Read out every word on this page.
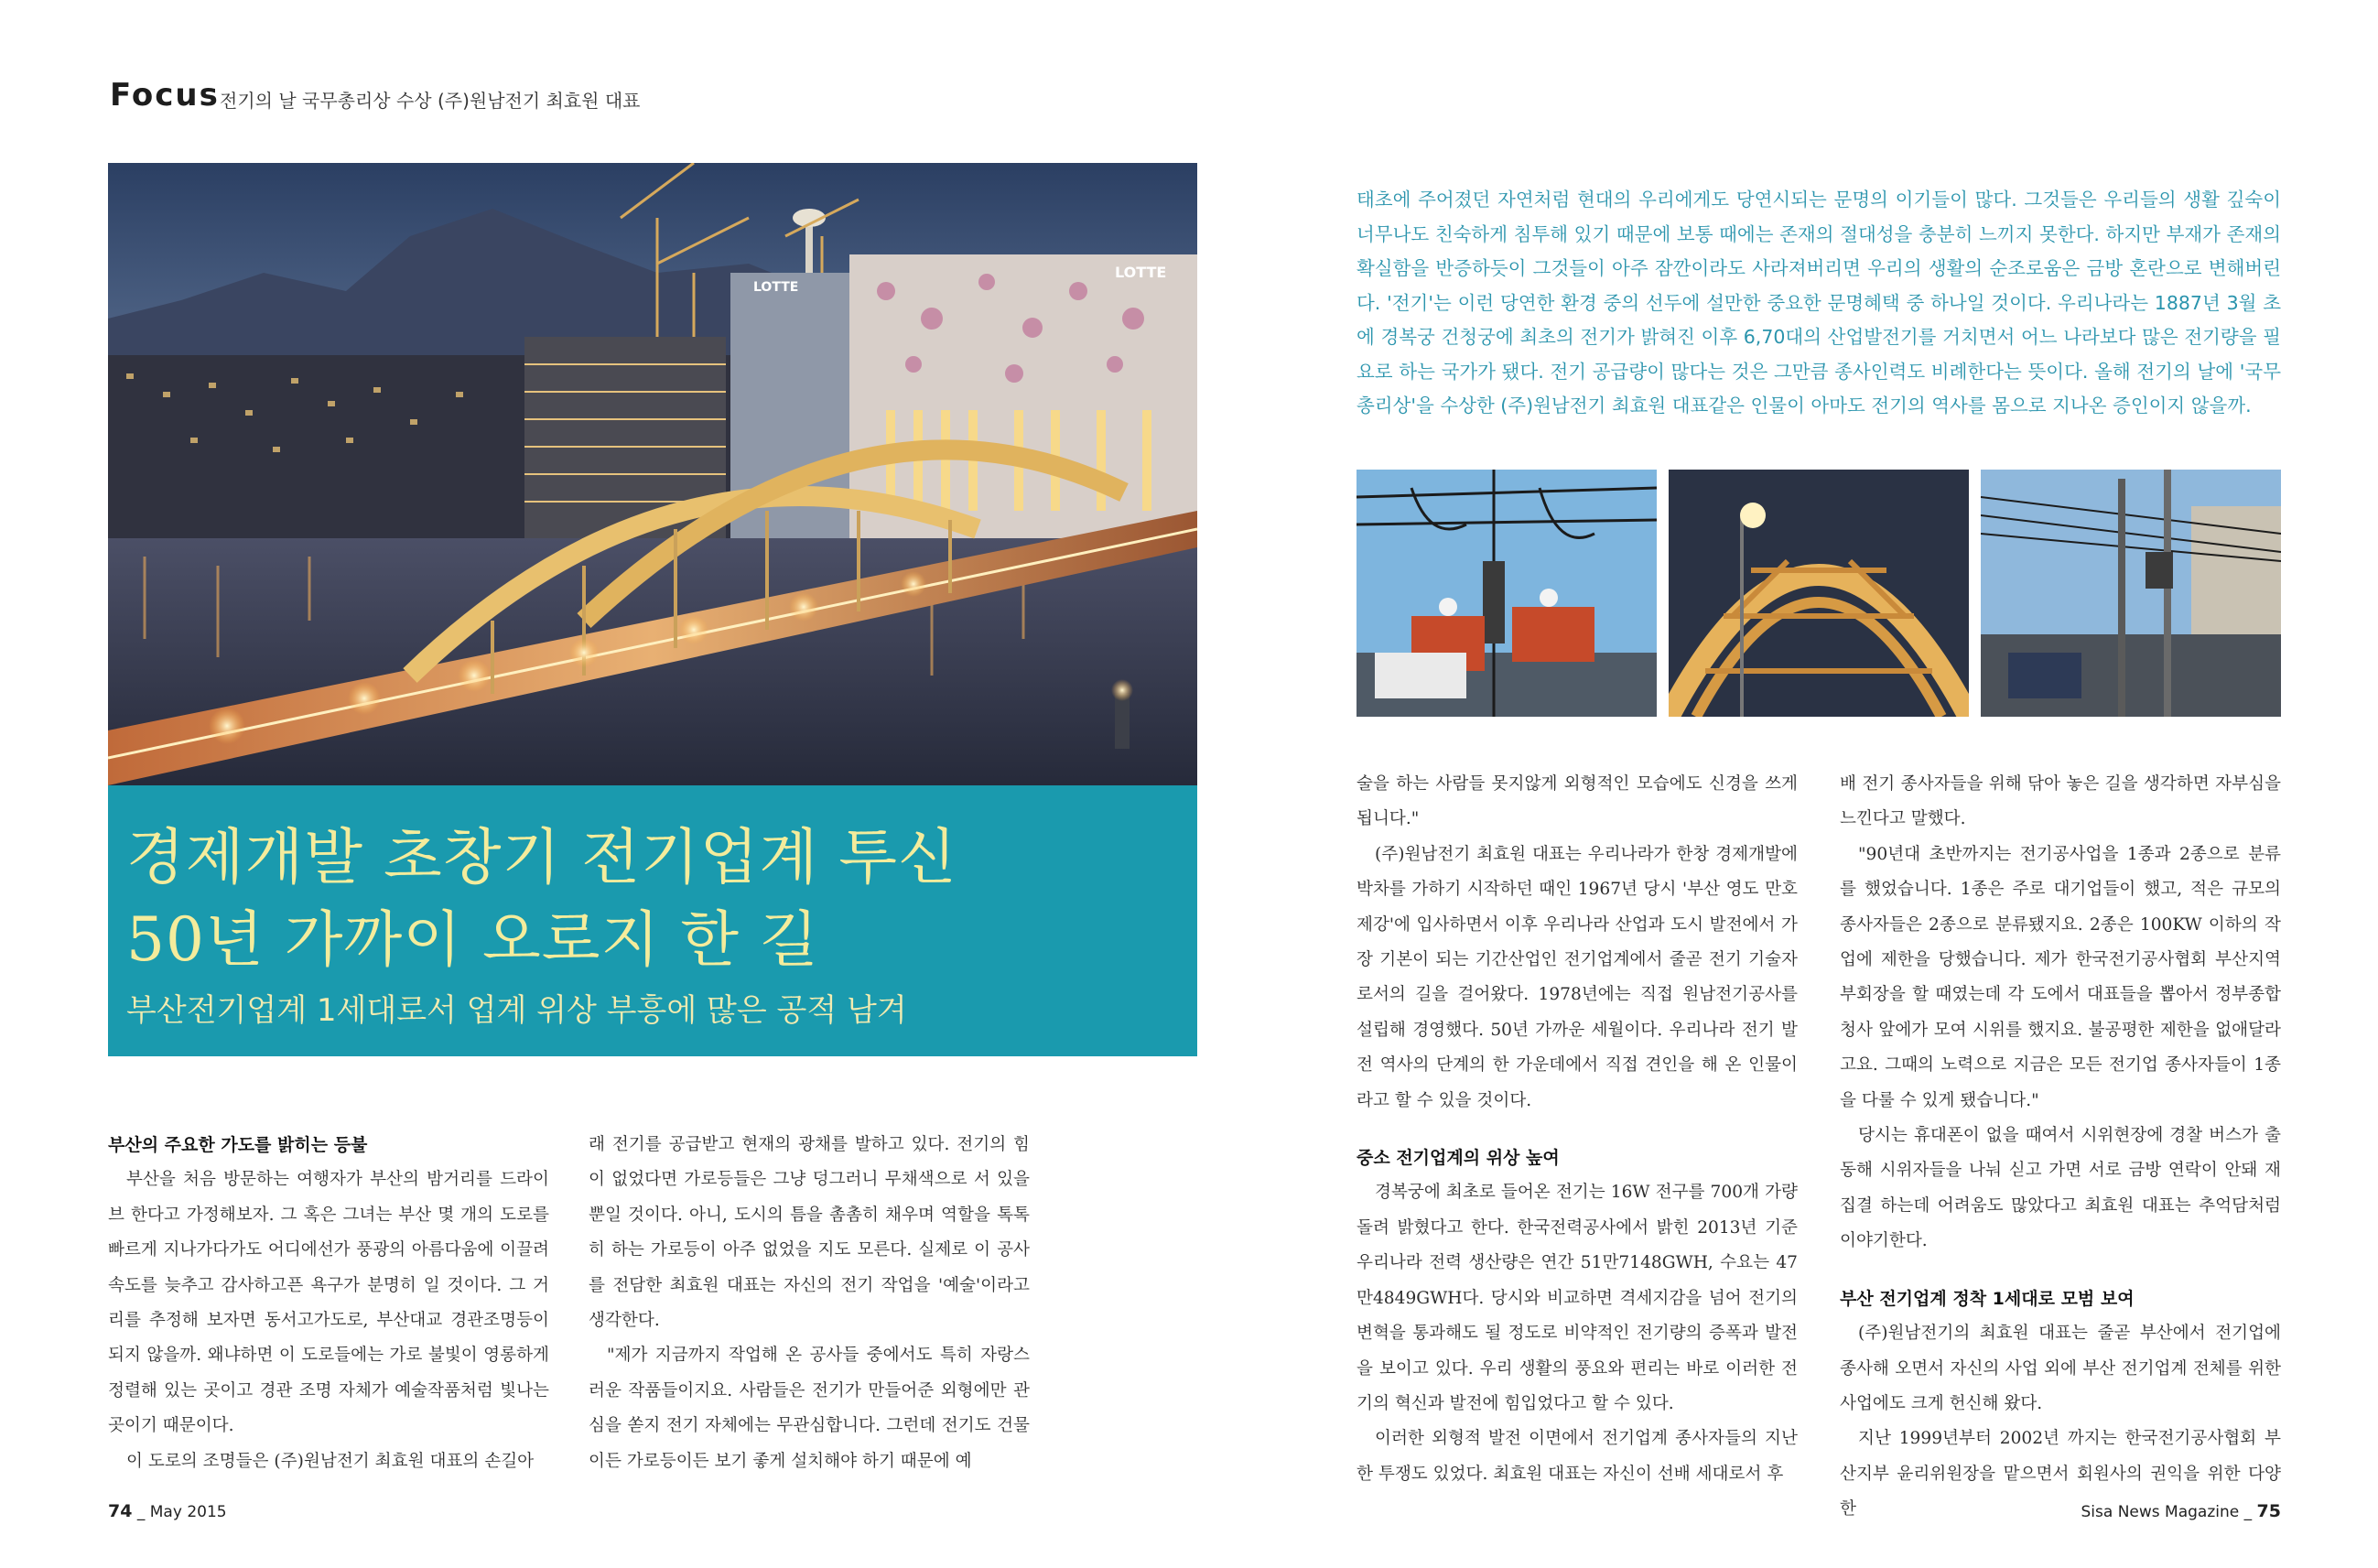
Focus 전기의 날 국무총리상 수상 (주)원남전기 최효원 대표
LOTTE
LOTTE
경제개발 초창기 전기업계 투신
50년 가까이 오로지 한 길
부산전기업계 1세대로서 업계 위상 부흥에 많은 공적 남겨
태초에 주어졌던 자연처럼 현대의 우리에게도 당연시되는 문명의 이기들이 많다. 그것들은 우리들의 생활 깊숙이 너무나도 친숙하게 침투해 있기 때문에 보통 때에는 존재의 절대성을 충분히 느끼지 못한다. 하지만 부재가 존재의 확실함을 반증하듯이 그것들이 아주 잠깐이라도 사라져버리면 우리의 생활의 순조로움은 금방 혼란으로 변해버린다. '전기'는 이런 당연한 환경 중의 선두에 설만한 중요한 문명혜택 중 하나일 것이다. 우리나라는 1887년 3월 초에 경복궁 건청궁에 최초의 전기가 밝혀진 이후 6,70대의 산업발전기를 거치면서 어느 나라보다 많은 전기량을 필요로 하는 국가가 됐다. 전기 공급량이 많다는 것은 그만큼 종사인력도 비례한다는 뜻이다. 올해 전기의 날에 '국무총리상'을 수상한 (주)원남전기 최효원 대표같은 인물이 아마도 전기의 역사를 몸으로 지나온 증인이지 않을까.
부산의 주요한 가도를 밝히는 등불

부산을 처음 방문하는 여행자가 부산의 밤거리를 드라이브 한다고 가정해보자. 그 혹은 그녀는 부산 몇 개의 도로를 빠르게 지나가다가도 어디에선가 풍광의 아름다움에 이끌려 속도를 늦추고 감사하고픈 욕구가 분명히 일 것이다. 그 거리를 추정해 보자면 동서고가도로, 부산대교 경관조명등이 되지 않을까. 왜냐하면 이 도로들에는 가로 불빛이 영롱하게 정렬해 있는 곳이고 경관 조명 자체가 예술작품처럼 빛나는 곳이기 때문이다.

이 도로의 조명들은 (주)원남전기 최효원 대표의 손길아

래 전기를 공급받고 현재의 광채를 발하고 있다. 전기의 힘이 없었다면 가로등들은 그냥 덩그러니 무채색으로 서 있을 뿐일 것이다. 아니, 도시의 틈을 촘촘히 채우며 역할을 톡톡히 하는 가로등이 아주 없었을 지도 모른다. 실제로 이 공사를 전담한 최효원 대표는 자신의 전기 작업을 '예술'이라고 생각한다.

"제가 지금까지 작업해 온 공사들 중에서도 특히 자랑스러운 작품들이지요. 사람들은 전기가 만들어준 외형에만 관심을 쏟지 전기 자체에는 무관심합니다. 그런데 전기도 건물이든 가로등이든 보기 좋게 설치해야 하기 때문에 예

술을 하는 사람들 못지않게 외형적인 모습에도 신경을 쓰게 됩니다."

(주)원남전기 최효원 대표는 우리나라가 한창 경제개발에 박차를 가하기 시작하던 때인 1967년 당시 '부산 영도 만호제강'에 입사하면서 이후 우리나라 산업과 도시 발전에서 가장 기본이 되는 기간산업인 전기업계에서 줄곧 전기 기술자로서의 길을 걸어왔다. 1978년에는 직접 원남전기공사를 설립해 경영했다. 50년 가까운 세월이다. 우리나라 전기 발전 역사의 단계의 한 가운데에서 직접 견인을 해 온 인물이라고 할 수 있을 것이다.

중소 전기업계의 위상 높여

경복궁에 최초로 들어온 전기는 16W 전구를 700개 가량 돌려 밝혔다고 한다. 한국전력공사에서 밝힌 2013년 기준 우리나라 전력 생산량은 연간 51만7148GWH, 수요는 47만4849GWH다. 당시와 비교하면 격세지감을 넘어 전기의 변혁을 통과해도 될 정도로 비약적인 전기량의 증폭과 발전을 보이고 있다. 우리 생활의 풍요와 편리는 바로 이러한 전기의 혁신과 발전에 힘입었다고 할 수 있다.

이러한 외형적 발전 이면에서 전기업계 종사자들의 지난한 투쟁도 있었다. 최효원 대표는 자신이 선배 세대로서 후

배 전기 종사자들을 위해 닦아 놓은 길을 생각하면 자부심을 느낀다고 말했다.

"90년대 초반까지는 전기공사업을 1종과 2종으로 분류를 했었습니다. 1종은 주로 대기업들이 했고, 적은 규모의 종사자들은 2종으로 분류됐지요. 2종은 100KW 이하의 작업에 제한을 당했습니다. 제가 한국전기공사협회 부산지역 부회장을 할 때였는데 각 도에서 대표들을 뽑아서 정부종합청사 앞에가 모여 시위를 했지요. 불공평한 제한을 없애달라고요. 그때의 노력으로 지금은 모든 전기업 종사자들이 1종을 다룰 수 있게 됐습니다."

당시는 휴대폰이 없을 때여서 시위현장에 경찰 버스가 출동해 시위자들을 나눠 싣고 가면 서로 금방 연락이 안돼 재집결 하는데 어려움도 많았다고 최효원 대표는 추억담처럼 이야기한다.

부산 전기업계 정착 1세대로 모범 보여

(주)원남전기의 최효원 대표는 줄곧 부산에서 전기업에 종사해 오면서 자신의 사업 외에 부산 전기업계 전체를 위한 사업에도 크게 헌신해 왔다.

지난 1999년부터 2002년 까지는 한국전기공사협회 부산지부 윤리위원장을 맡으면서 회원사의 권익을 위한 다양한

74 _ May 2015	Sisa News Magazine _ 75
